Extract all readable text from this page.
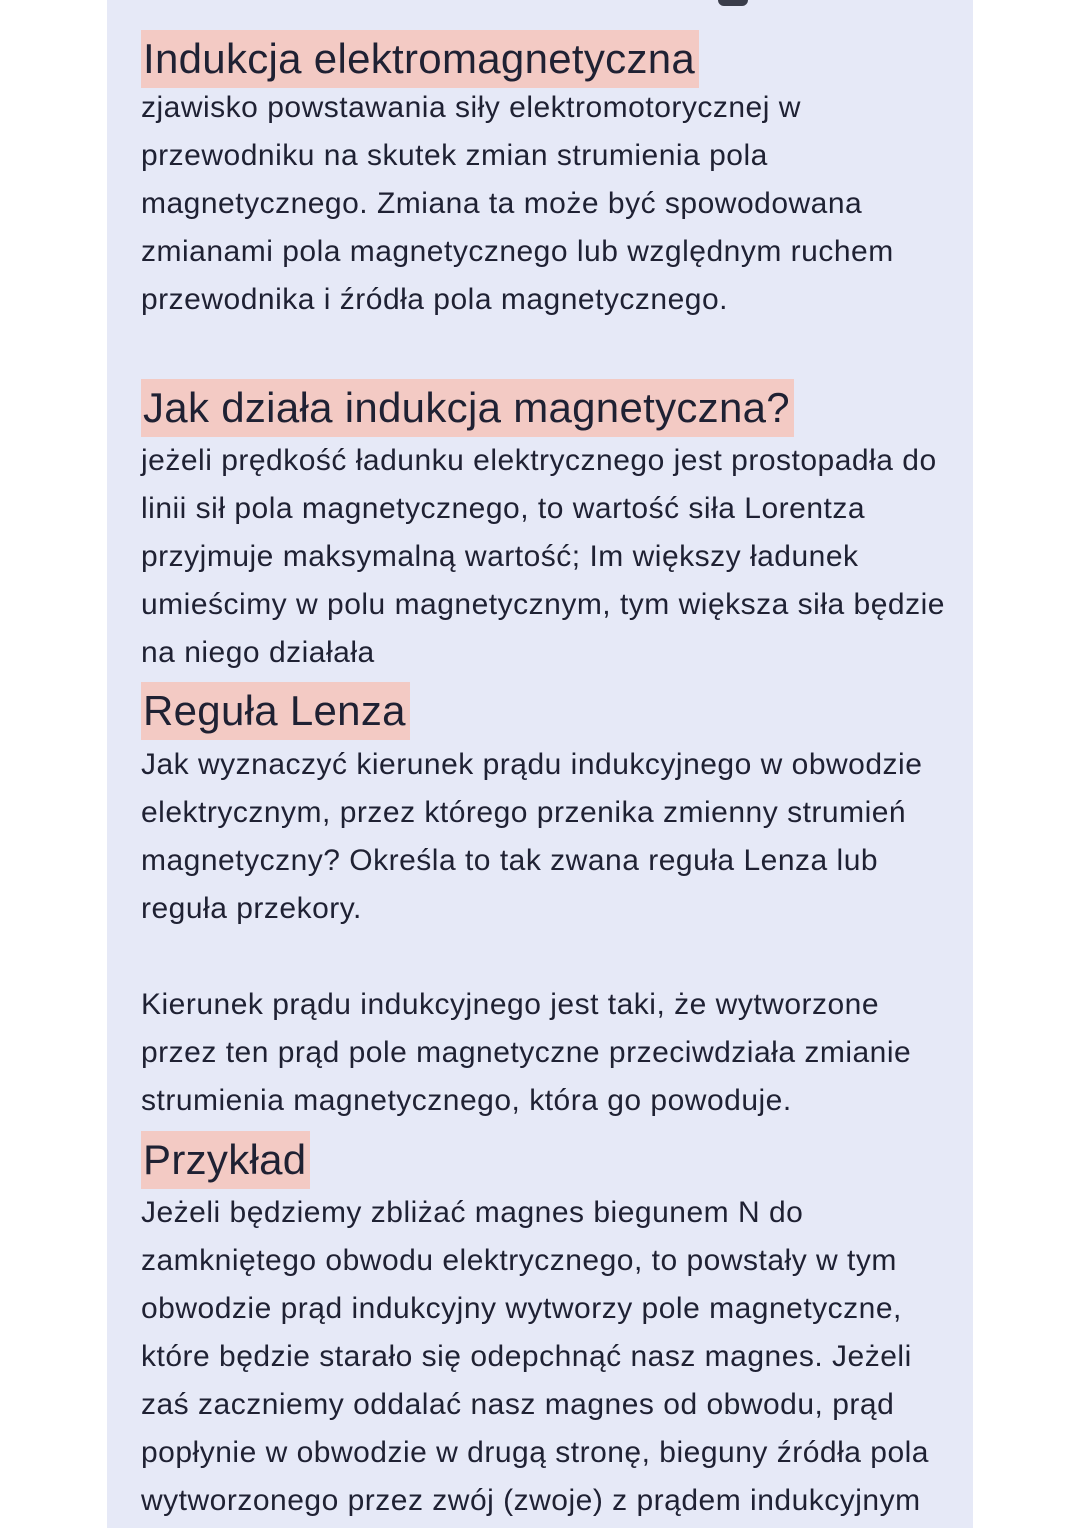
Indukcja elektromagnetyczna
zjawisko powstawania siły elektromotorycznej w
przewodniku na skutek zmian strumienia pola
magnetycznego. Zmiana ta może być spowodowana
zmianami pola magnetycznego lub względnym ruchem
przewodnika i źródła pola magnetycznego.
Jak działa indukcja magnetyczna?
jeżeli prędkość ładunku elektrycznego jest prostopadła do
linii sił pola magnetycznego, to wartość siła Lorentza
przyjmuje maksymalną wartość; Im większy ładunek
umieścimy w polu magnetycznym, tym większa siła będzie
na niego działała
Reguła Lenza
Jak wyznaczyć kierunek prądu indukcyjnego w obwodzie
elektrycznym, przez którego przenika zmienny strumień
magnetyczny? Określa to tak zwana reguła Lenza lub
reguła przekory.
Kierunek prądu indukcyjnego jest taki, że wytworzone
przez ten prąd pole magnetyczne przeciwdziała zmianie
strumienia magnetycznego, która go powoduje.
Przykład
Jeżeli będziemy zbliżać magnes biegunem N do
zamkniętego obwodu elektrycznego, to powstały w tym
obwodzie prąd indukcyjny wytworzy pole magnetyczne,
które będzie starało się odepchnąć nasz magnes. Jeżeli
zaś zaczniemy oddalać nasz magnes od obwodu, prąd
popłynie w obwodzie w drugą stronę, bieguny źródła pola
wytworzonego przez zwój (zwoje) z prądem indukcyjnym
